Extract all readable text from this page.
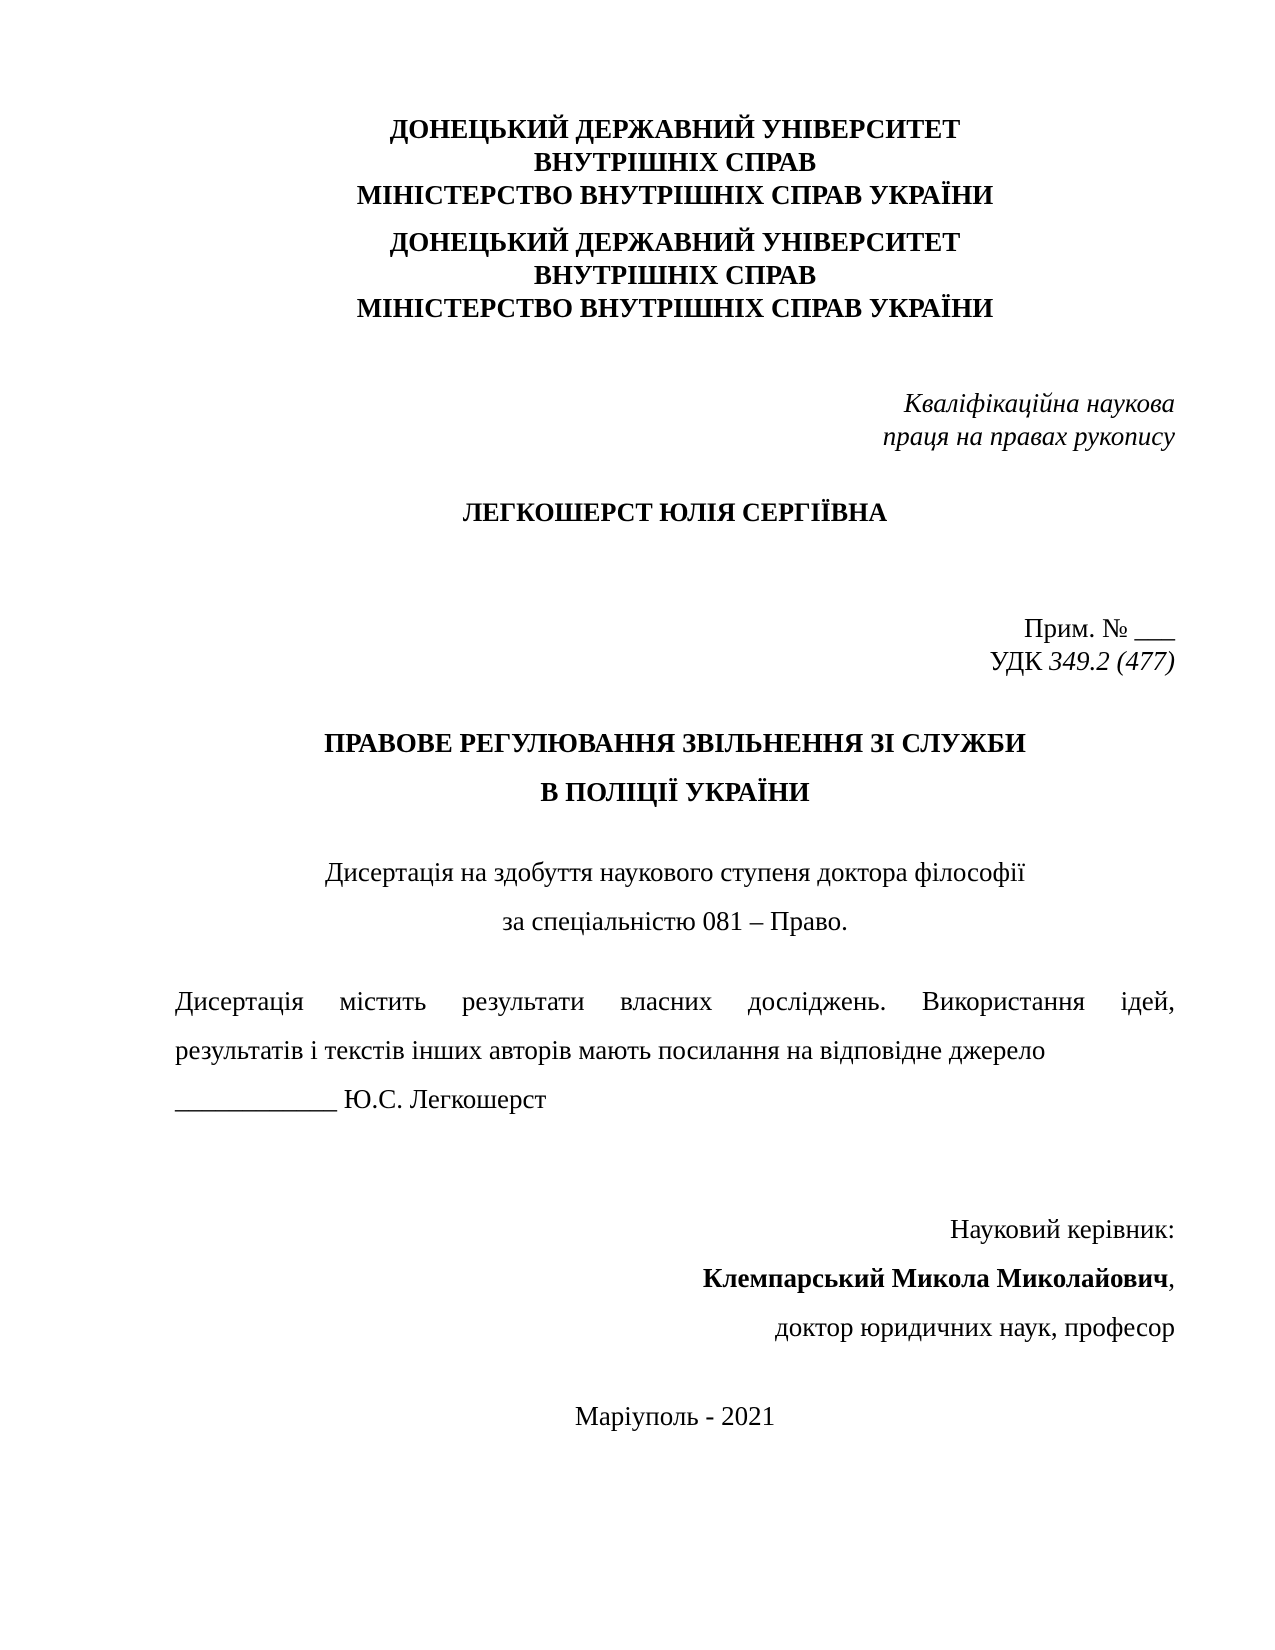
ДОНЕЦЬКИЙ ДЕРЖАВНИЙ УНІВЕРСИТЕТ
ВНУТРІШНІХ СПРАВ
МІНІСТЕРСТВО ВНУТРІШНІХ СПРАВ УКРАЇНИ
ДОНЕЦЬКИЙ ДЕРЖАВНИЙ УНІВЕРСИТЕТ
ВНУТРІШНІХ СПРАВ
МІНІСТЕРСТВО ВНУТРІШНІХ СПРАВ УКРАЇНИ
Кваліфікаційна наукова
праця на правах рукопису
ЛЕГКОШЕРСТ ЮЛІЯ СЕРГІЇВНА
Прим. № ___
УДК 349.2 (477)
ПРАВОВЕ РЕГУЛЮВАННЯ ЗВІЛЬНЕННЯ ЗІ СЛУЖБИ
В ПОЛІЦІЇ УКРАЇНИ
Дисертація на здобуття наукового ступеня доктора філософії
за спеціальністю 081 – Право.
Дисертація містить результати власних досліджень. Використання ідей,
результатів і текстів інших авторів мають посилання на відповідне джерело
____________ Ю.С. Легкошерст
Науковий керівник:
Клемпарський Микола Миколайович,
доктор юридичних наук, професор
Маріуполь - 2021
